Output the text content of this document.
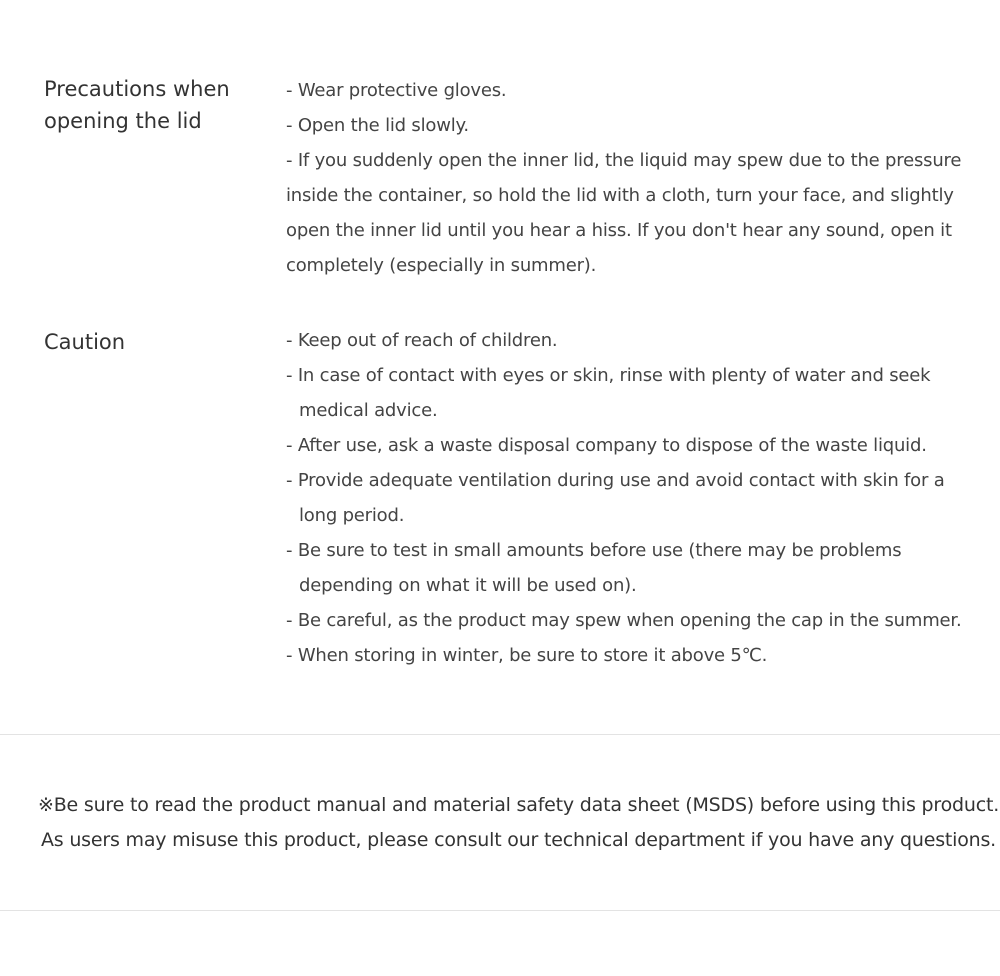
Precautions when opening the lid
- Wear protective gloves.
- Open the lid slowly.
- If you suddenly open the inner lid, the liquid may spew due to the pressure inside the container, so hold the lid with a cloth, turn your face, and slightly open the inner lid until you hear a hiss. If you don't hear any sound, open it completely (especially in summer).
Caution	- Keep out of reach of children.
- In case of contact with eyes or skin, rinse with plenty of water and seek medical advice.
- After use, ask a waste disposal company to dispose of the waste liquid.
- Provide adequate ventilation during use and avoid contact with skin for a long period.
- Be sure to test in small amounts before use (there may be problems depending on what it will be used on).
- Be careful, as the product may spew when opening the cap in the summer.
- When storing in winter, be sure to store it above 5℃.
※Be sure to read the product manual and material safety data sheet (MSDS) before using this product.
As users may misuse this product, please consult our technical department if you have any questions.
